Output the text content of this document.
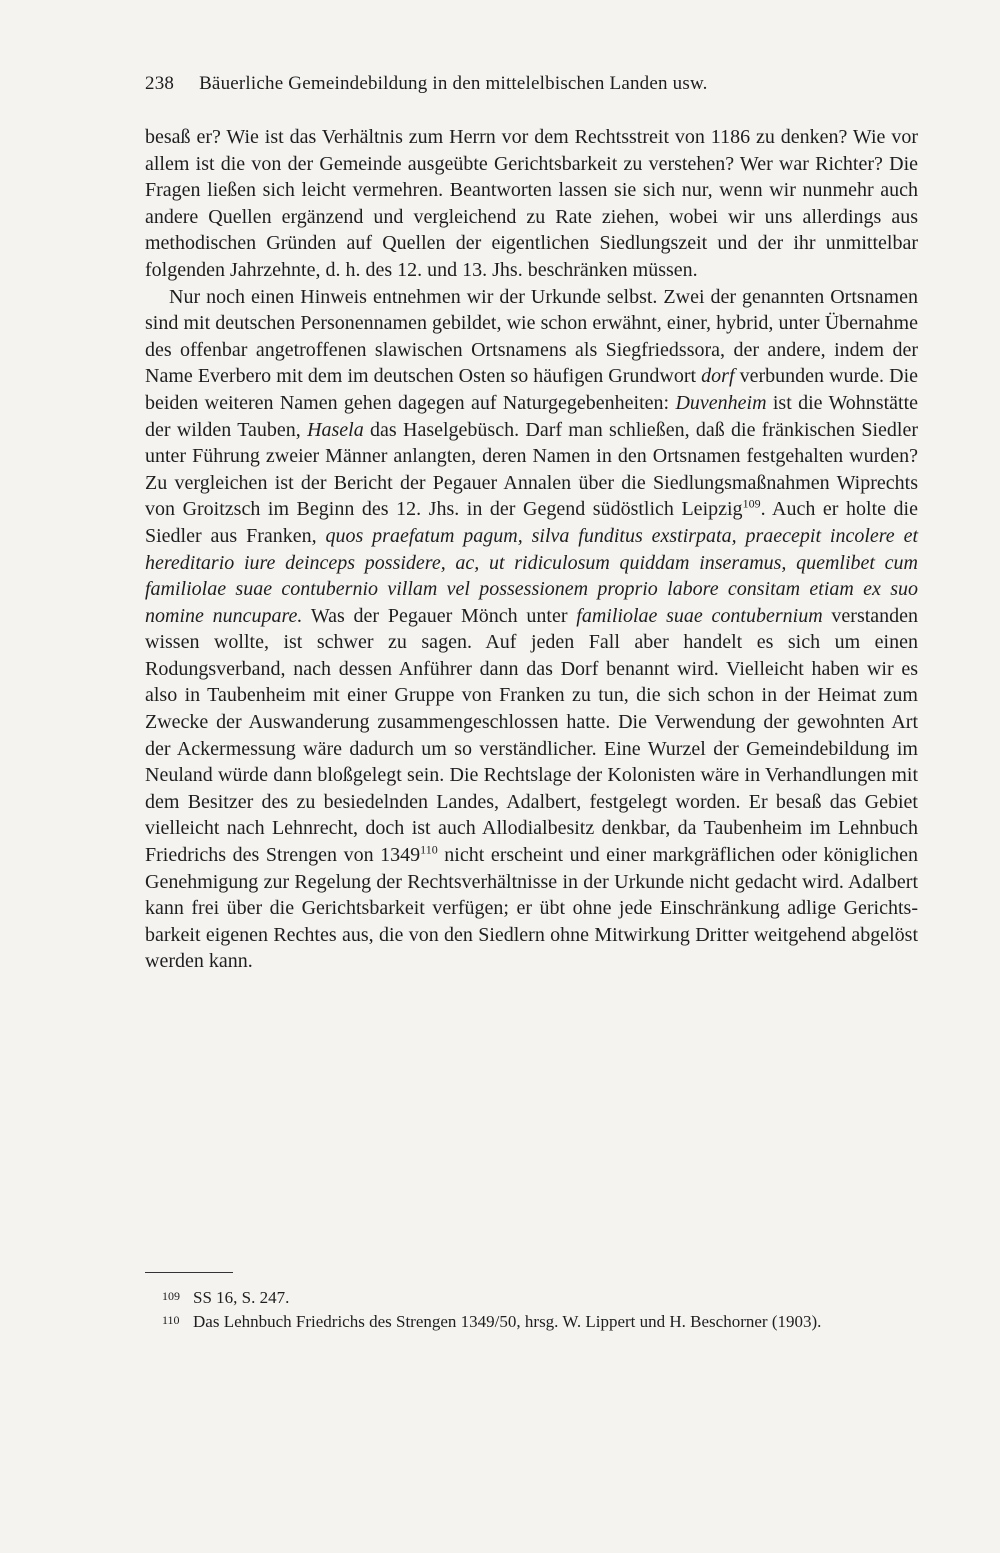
238 Bäuerliche Gemeindebildung in den mittelelbischen Landen usw.

besaß er? Wie ist das Verhältnis zum Herrn vor dem Rechtsstreit von 1186 zu denken? Wie vor allem ist die von der Gemeinde ausgeübte Gerichtsbarkeit zu verstehen? Wer war Richter? Die Fragen ließen sich leicht vermehren. Beantworten lassen sie sich nur, wenn wir nunmehr auch andere Quellen ergänzend und vergleichend zu Rate ziehen, wobei wir uns allerdings aus methodischen Gründen auf Quellen der eigentlichen Siedlungszeit und der ihr unmittelbar folgenden Jahrzehnte, d. h. des 12. und 13. Jhs. beschränken müssen.

Nur noch einen Hinweis entnehmen wir der Urkunde selbst. Zwei der genannten Ortsnamen sind mit deutschen Personennamen gebildet, wie schon erwähnt, einer, hybrid, unter Übernahme des offenbar angetroffenen slawischen Ortsnamens als Siegfriedssora, der andere, indem der Name Everbero mit dem im deutschen Osten so häufigen Grundwort dorf verbunden wurde. Die beiden weiteren Namen gehen dagegen auf Naturgegebenheiten: Duvenheim ist die Wohnstätte der wilden Tauben, Hasela das Haselgebüsch. Darf man schließen, daß die fränkischen Siedler unter Führung zweier Männer anlangten, deren Namen in den Ortsnamen festgehalten wurden? Zu vergleichen ist der Bericht der Pegauer Annalen über die Siedlungsmaßnahmen Wiprechts von Groitzsch im Beginn des 12. Jhs. in der Gegend südöstlich Leipzig$^{109}$. Auch er holte die Siedler aus Franken, quos praefatum pagum, silva funditus exstirpata, praecepit incolere et hereditario iure deinceps possidere, ac, ut ridiculosum quiddam inseramus, quemlibet cum familiolae suae contubernio villam vel possessionem proprio labore consitam etiam ex suo nomine nuncupare. Was der Pegauer Mönch unter familiolae suae contubernium verstanden wissen wollte, ist schwer zu sagen. Auf jeden Fall aber handelt es sich um einen Rodungsverband, nach dessen Anführer dann das Dorf benannt wird. Vielleicht haben wir es also in Taubenheim mit einer Gruppe von Franken zu tun, die sich schon in der Heimat zum Zwecke der Auswanderung zusammengeschlossen hatte. Die Verwendung der gewohnten Art der Ackermessung wäre dadurch um so verständlicher. Eine Wurzel der Gemeindebildung im Neuland würde dann bloßgelegt sein. Die Rechtslage der Kolonisten wäre in Verhandlungen mit dem Besitzer des zu besiedelnden Landes, Adalbert, festgelegt worden. Er besaß das Gebiet vielleicht nach Lehnrecht, doch ist auch Allodialbesitz denkbar, da Taubenheim im Lehnbuch Friedrichs des Strengen von 1349$^{110}$ nicht erscheint und einer markgräflichen oder königlichen Genehmigung zur Regelung der Rechtsverhältnisse in der Urkunde nicht gedacht wird. Adalbert kann frei über die Gerichtsbarkeit verfügen; er übt ohne jede Einschränkung adlige Gerichtsbarkeit eigenen Rechtes aus, die von den Siedlern ohne Mitwirkung Dritter weitgehend abgelöst werden kann.

109 SS 16, S. 247.

110 Das Lehnbuch Friedrichs des Strengen 1349/50, hrsg. W. Lippert und H. Beschorner (1903).
